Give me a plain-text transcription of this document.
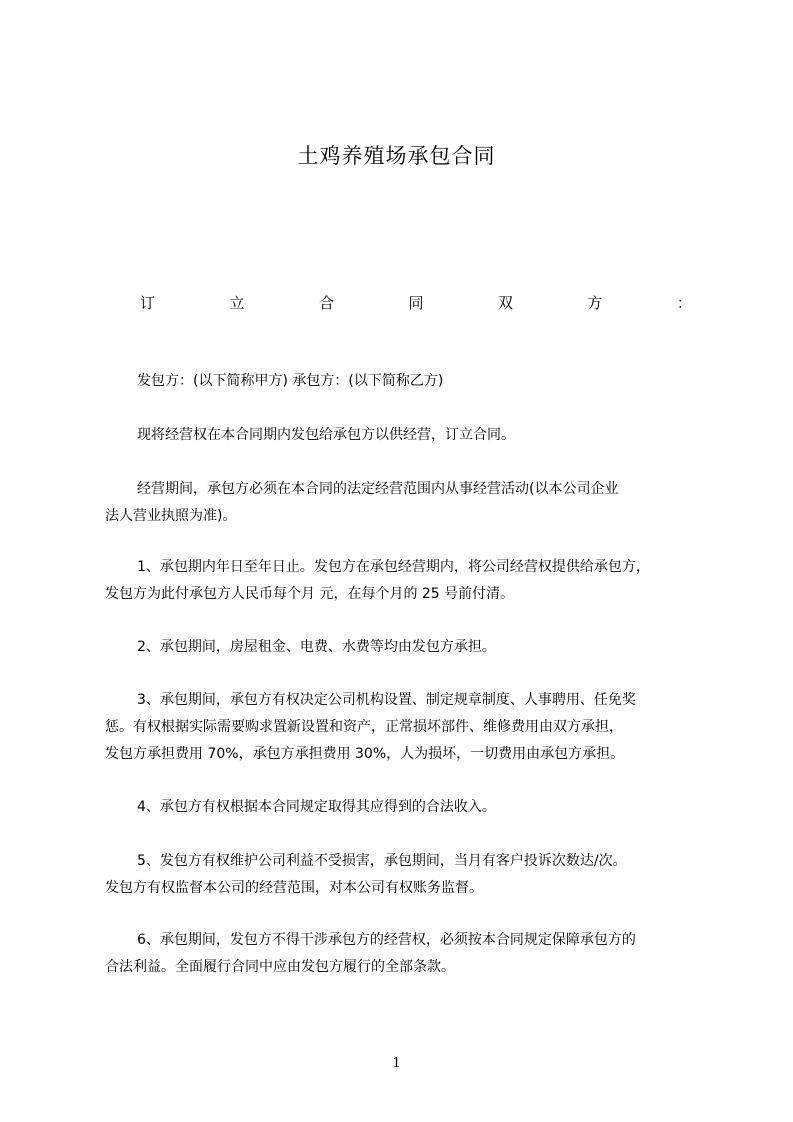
土鸡养殖场承包合同
订	立	合	同	双	方	：
发包方：(以下简称甲方) 承包方：(以下简称乙方)
现将经营权在本合同期内发包给承包方以供经营，订立合同。
经营期间，承包方必须在本合同的法定经营范围内从事经营活动(以本公司企业
法人营业执照为准)。
1、承包期内年日至年日止。发包方在承包经营期内，将公司经营权提供给承包方，
发包方为此付承包方人民币每个月 元，在每个月的 25 号前付清。
2、承包期间，房屋租金、电费、水费等均由发包方承担。
3、承包期间，承包方有权决定公司机构设置、制定规章制度、人事聘用、任免奖
惩。有权根据实际需要购求置新设置和资产，正常损坏部件、维修费用由双方承担，
发包方承担费用 70%，承包方承担费用 30%，人为损坏，一切费用由承包方承担。
4、承包方有权根据本合同规定取得其应得到的合法收入。
5、发包方有权维护公司利益不受损害，承包期间，当月有客户投诉次数达/次。
发包方有权监督本公司的经营范围，对本公司有权账务监督。
6、承包期间，发包方不得干涉承包方的经营权，必须按本合同规定保障承包方的
合法利益。全面履行合同中应由发包方履行的全部条款。
1
